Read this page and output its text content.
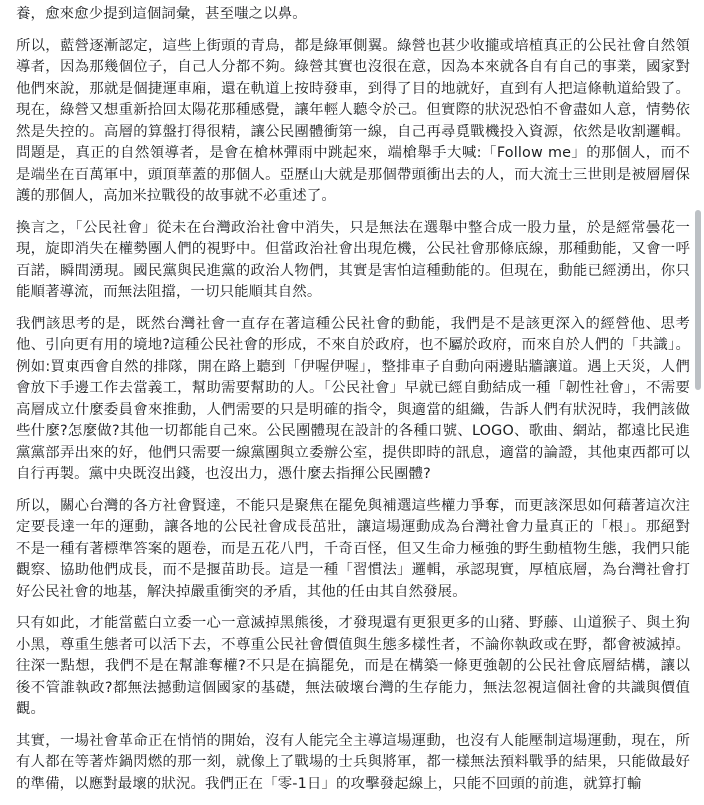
養，愈來愈少提到這個詞彙，甚至嗤之以鼻。

所以，藍營逐漸認定，這些上街頭的青鳥，都是綠軍側翼。綠營也甚少收攏或培植真正的公民社會自然領導者，因為那幾個位子，自己人分都不夠。綠營其實也沒很在意，因為本來就各自有自己的事業，國家對他們來說，那就是個捷運車廂，還在軌道上按時發車，到得了目的地就好，直到有人把這條軌道給毀了。現在，綠營又想重新拾回太陽花那種感覺，讓年輕人聽令於己。但實際的狀況恐怕不會盡如人意，情勢依然是失控的。高層的算盤打得很精，讓公民團體衝第一線，自己再尋覓戰機投入資源，依然是收割邏輯。問題是，真正的自然領導者，是會在槍林彈雨中跳起來，端槍舉手大喊:「Follow me」的那個人，而不是端坐在百萬軍中，頭頂華蓋的那個人。亞歷山大就是那個帶頭衝出去的人，而大流士三世則是被層層保護的那個人，高加米拉戰役的故事就不必重述了。

換言之，「公民社會」從未在台灣政治社會中消失，只是無法在選舉中整合成一股力量，於是經常曇花一現，旋即消失在權勢團人們的視野中。但當政治社會出現危機，公民社會那條底線，那種動能，又會一呼百諾，瞬間湧現。國民黨與民進黨的政治人物們，其實是害怕這種動能的。但現在，動能已經湧出，你只能順著導流，而無法阻擋，一切只能順其自然。

我們該思考的是，既然台灣社會一直存在著這種公民社會的動能，我們是不是該更深入的經營他、思考他、引向更有用的境地?這種公民社會的形成，不來自於政府，也不屬於政府，而來自於人們的「共識」。例如:買東西會自然的排隊，開在路上聽到「伊喔伊喔」，整排車子自動向兩邊貼牆讓道。遇上天災，人們會放下手邊工作去當義工，幫助需要幫助的人。「公民社會」早就已經自動結成一種「韌性社會」，不需要高層成立什麼委員會來推動，人們需要的只是明確的指令，與適當的組織，告訴人們有狀況時，我們該做些什麼?怎麼做?其他一切都能自己來。公民團體現在設計的各種口號、LOGO、歌曲、網站，都遠比民進黨黨部弄出來的好，他們只需要一線黨團與立委辦公室，提供即時的訊息，適當的論證，其他東西都可以自行再製。黨中央既沒出錢，也沒出力，憑什麼去指揮公民團體?

所以，關心台灣的各方社會賢達，不能只是聚焦在罷免與補選這些權力爭奪，而更該深思如何藉著這次注定要長達一年的運動，讓各地的公民社會成長茁壯，讓這場運動成為台灣社會力量真正的「根」。那絕對不是一種有著標準答案的題卷，而是五花八門，千奇百怪，但又生命力極強的野生動植物生態，我們只能觀察、協助他們成長，而不是揠苗助長。這是一種「習慣法」邏輯，承認現實，厚植底層，為台灣社會打好公民社會的地基，解決掉嚴重衝突的矛盾，其他的任由其自然發展。

只有如此，才能當藍白立委一心一意滅掉黑熊後，才發現還有更狠更多的山豬、野藤、山道猴子、與土狗小黑，尊重生態者可以活下去，不尊重公民社會價值與生態多樣性者，不論你執政或在野，都會被滅掉。往深一點想，我們不是在幫誰奪權?不只是在搞罷免，而是在構築一條更強韌的公民社會底層結構，讓以後不管誰執政?都無法撼動這個國家的基礎，無法破壞台灣的生存能力，無法忽視這個社會的共識與價值觀。

其實，一場社會革命正在悄悄的開始，沒有人能完全主導這場運動，也沒有人能壓制這場運動，現在，所有人都在等著炸鍋閃燃的那一刻，就像上了戰場的士兵與將軍，都一樣無法預料戰爭的結果，只能做最好的準備，以應對最壞的狀況。我們正在「零-1日」的攻擊發起線上，只能不回頭的前進，就算打輸
